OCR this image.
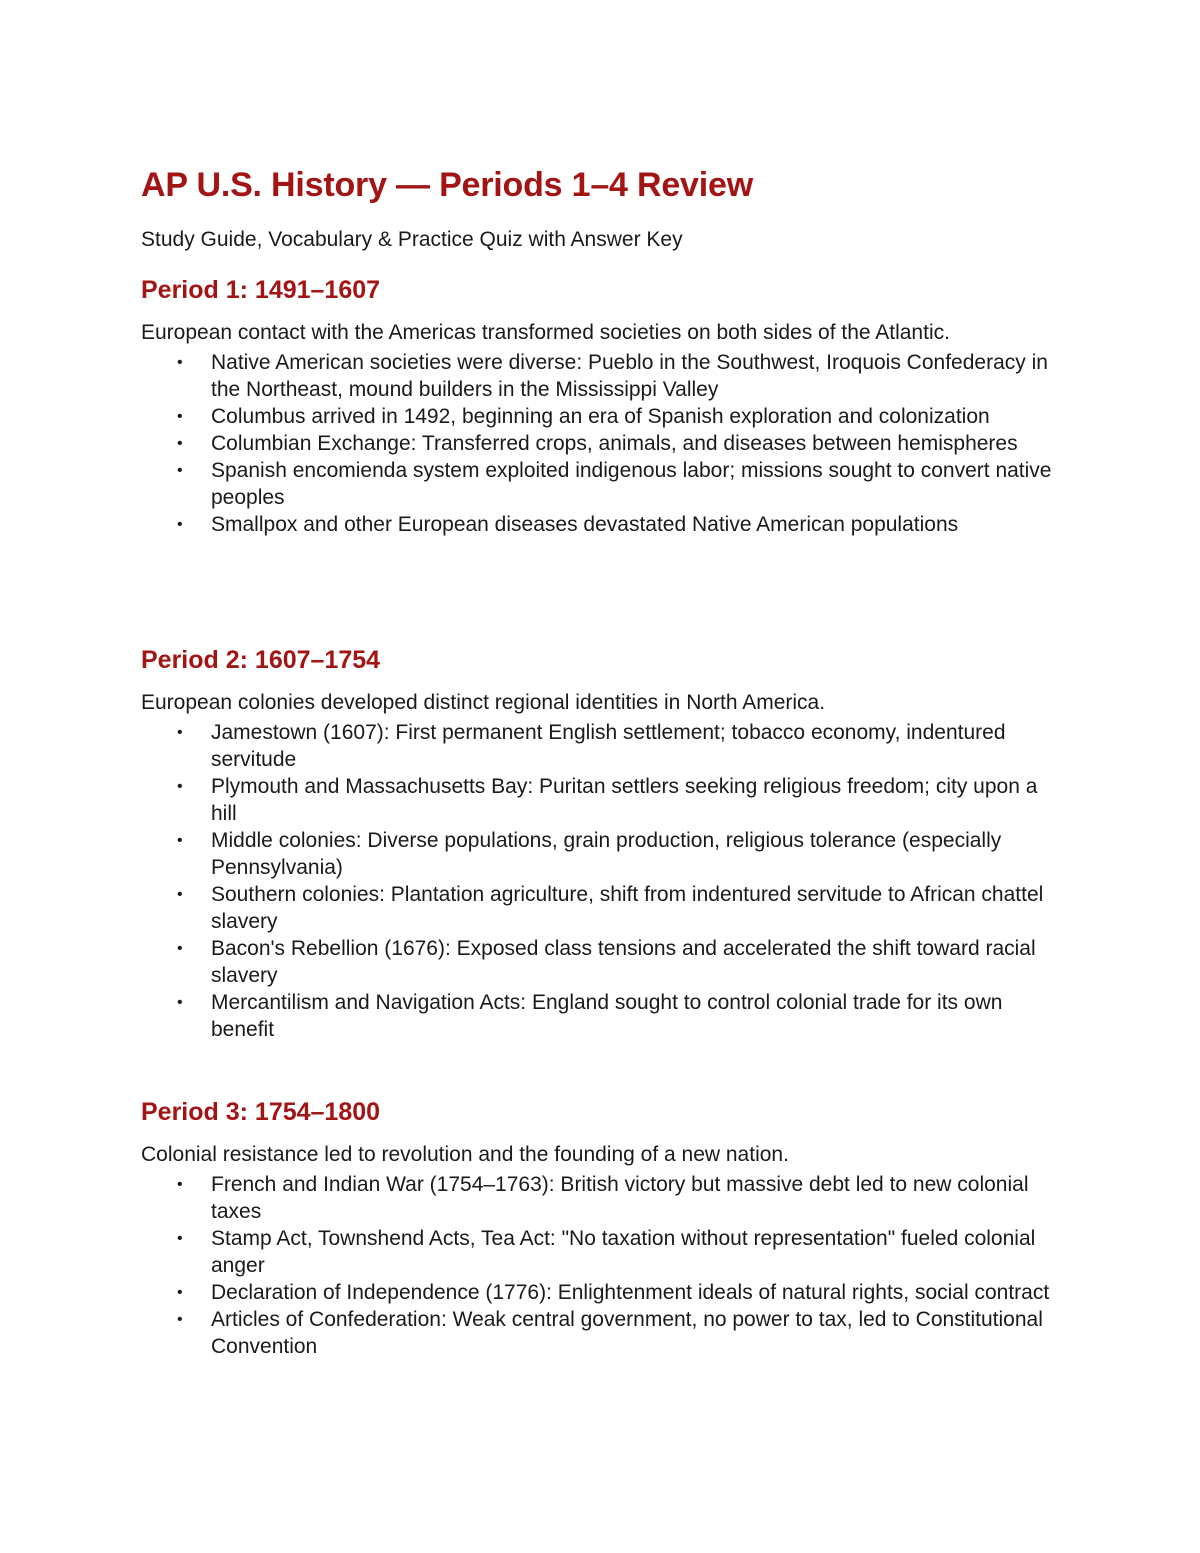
AP U.S. History — Periods 1–4 Review

Study Guide, Vocabulary & Practice Quiz with Answer Key

Period 1: 1491–1607

European contact with the Americas transformed societies on both sides of the Atlantic.

• Native American societies were diverse: Pueblo in the Southwest, Iroquois Confederacy in the Northeast, mound builders in the Mississippi Valley
• Columbus arrived in 1492, beginning an era of Spanish exploration and colonization
• Columbian Exchange: Transferred crops, animals, and diseases between hemispheres
• Spanish encomienda system exploited indigenous labor; missions sought to convert native peoples
• Smallpox and other European diseases devastated Native American populations
Period 2: 1607–1754

European colonies developed distinct regional identities in North America.

• Jamestown (1607): First permanent English settlement; tobacco economy, indentured servitude
• Plymouth and Massachusetts Bay: Puritan settlers seeking religious freedom; city upon a hill
• Middle colonies: Diverse populations, grain production, religious tolerance (especially Pennsylvania)
• Southern colonies: Plantation agriculture, shift from indentured servitude to African chattel slavery
• Bacon's Rebellion (1676): Exposed class tensions and accelerated the shift toward racial slavery
• Mercantilism and Navigation Acts: England sought to control colonial trade for its own benefit
Period 3: 1754–1800

Colonial resistance led to revolution and the founding of a new nation.

• French and Indian War (1754–1763): British victory but massive debt led to new colonial taxes
• Stamp Act, Townshend Acts, Tea Act: "No taxation without representation" fueled colonial anger
• Declaration of Independence (1776): Enlightenment ideals of natural rights, social contract
• Articles of Confederation: Weak central government, no power to tax, led to Constitutional Convention
